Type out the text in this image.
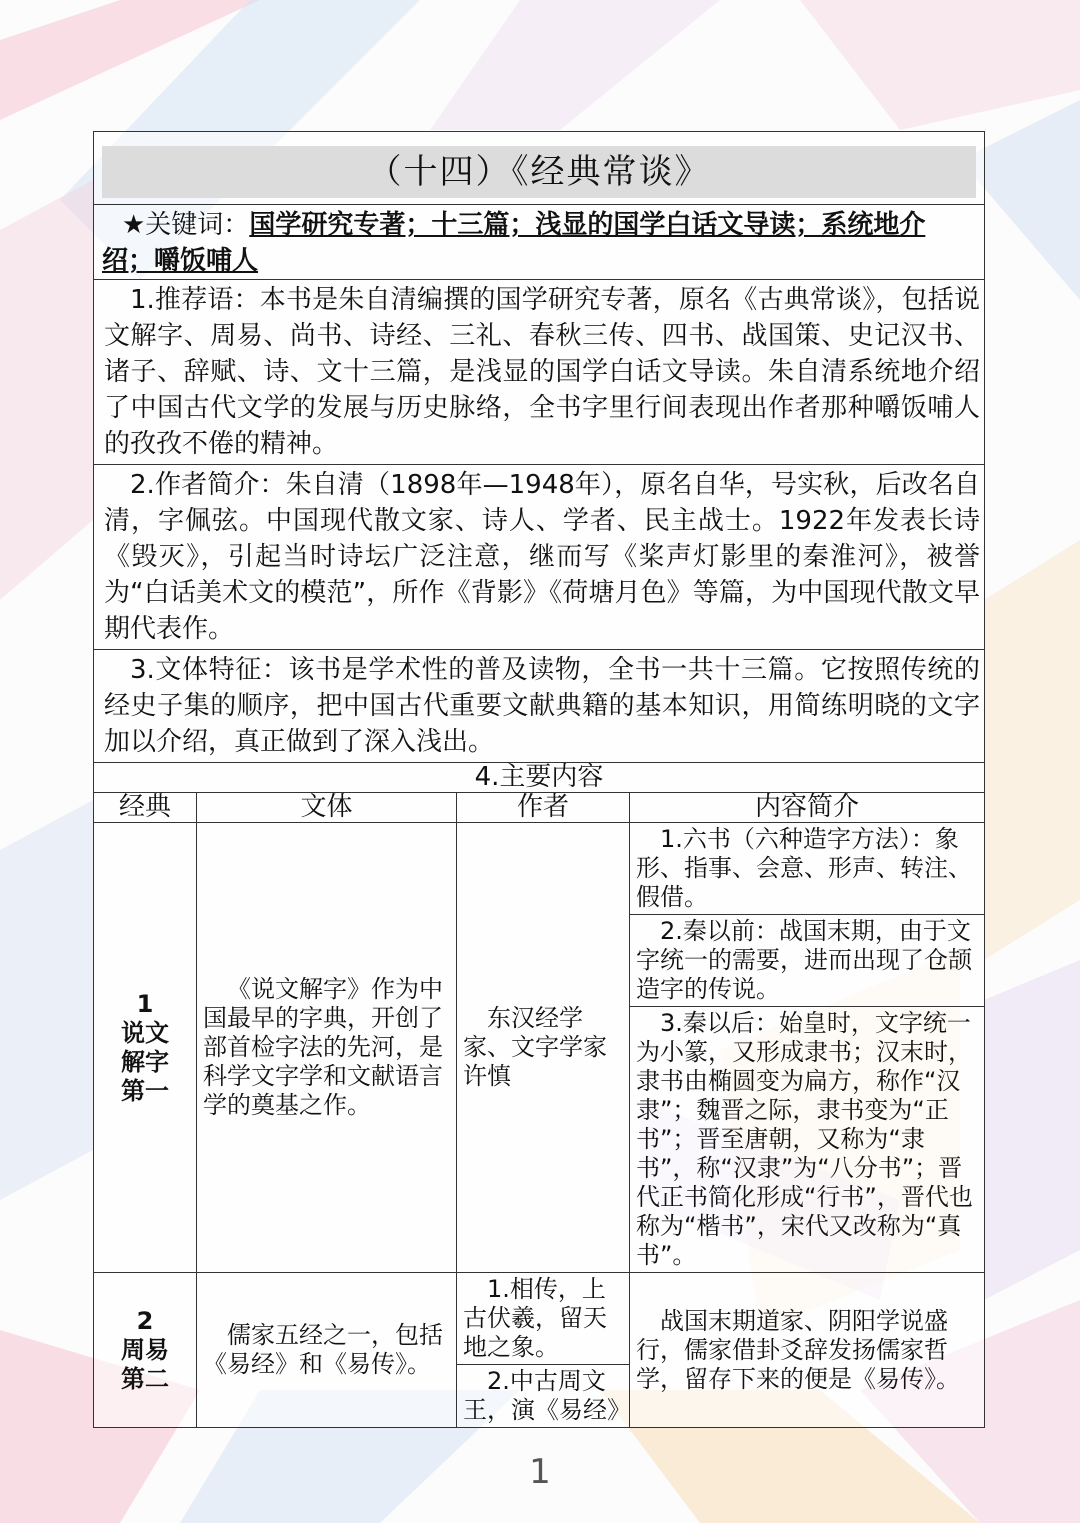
（十四）《经典常谈》			

★关键词：国学研究专著；十三篇；浅显的国学白话文导读；系统地介绍；嚼饭哺人			
1.推荐语：本书是朱自清编撰的国学研究专著，原名《古典常谈》，包括说文解字、周易、尚书、诗经、三礼、春秋三传、四书、战国策、史记汉书、诸子、辞赋、诗、文十三篇，是浅显的国学白话文导读。朱自清系统地介绍了中国古代文学的发展与历史脉络，全书字里行间表现出作者那种嚼饭哺人的孜孜不倦的精神。			
2.作者简介：朱自清（1898年—1948年），原名自华，号实秋，后改名自清，字佩弦。中国现代散文家、诗人、学者、民主战士。1922年发表长诗《毁灭》，引起当时诗坛广泛注意，继而写《桨声灯影里的秦淮河》，被誉为“白话美术文的模范”，所作《背影》《荷塘月色》等篇，为中国现代散文早期代表作。			
3.文体特征：该书是学术性的普及读物，全书一共十三篇。它按照传统的经史子集的顺序，把中国古代重要文献典籍的基本知识，用简练明晓的文字加以介绍，真正做到了深入浅出。			
4.主要内容			
经典	文体	作者	内容简介
1
说文
解字
第一	《说文解字》作为中国最早的字典，开创了部首检字法的先河，是科学文字学和文献语言学的奠基之作。	东汉经学家、文字学家许慎	1.六书（六种造字方法）：象形、指事、会意、形声、转注、假借。
			2.秦以前：战国末期，由于文字统一的需要，进而出现了仓颉造字的传说。
			3.秦以后：始皇时，文字统一为小篆，又形成隶书；汉末时，隶书由椭圆变为扁方，称作“汉隶”；魏晋之际，隶书变为“正书”；晋至唐朝，又称为“隶书”，称“汉隶”为“八分书”；晋代正书简化形成“行书”，晋代也称为“楷书”，宋代又改称为“真书”。
2
周易
第二	儒家五经之一，包括《易经》和《易传》。	1.相传，上古伏羲，留天地之象。	战国末期道家、阴阳学说盛行，儒家借卦爻辞发扬儒家哲学，留存下来的便是《易传》。
		2.中古周文王，演《易经》	
1
